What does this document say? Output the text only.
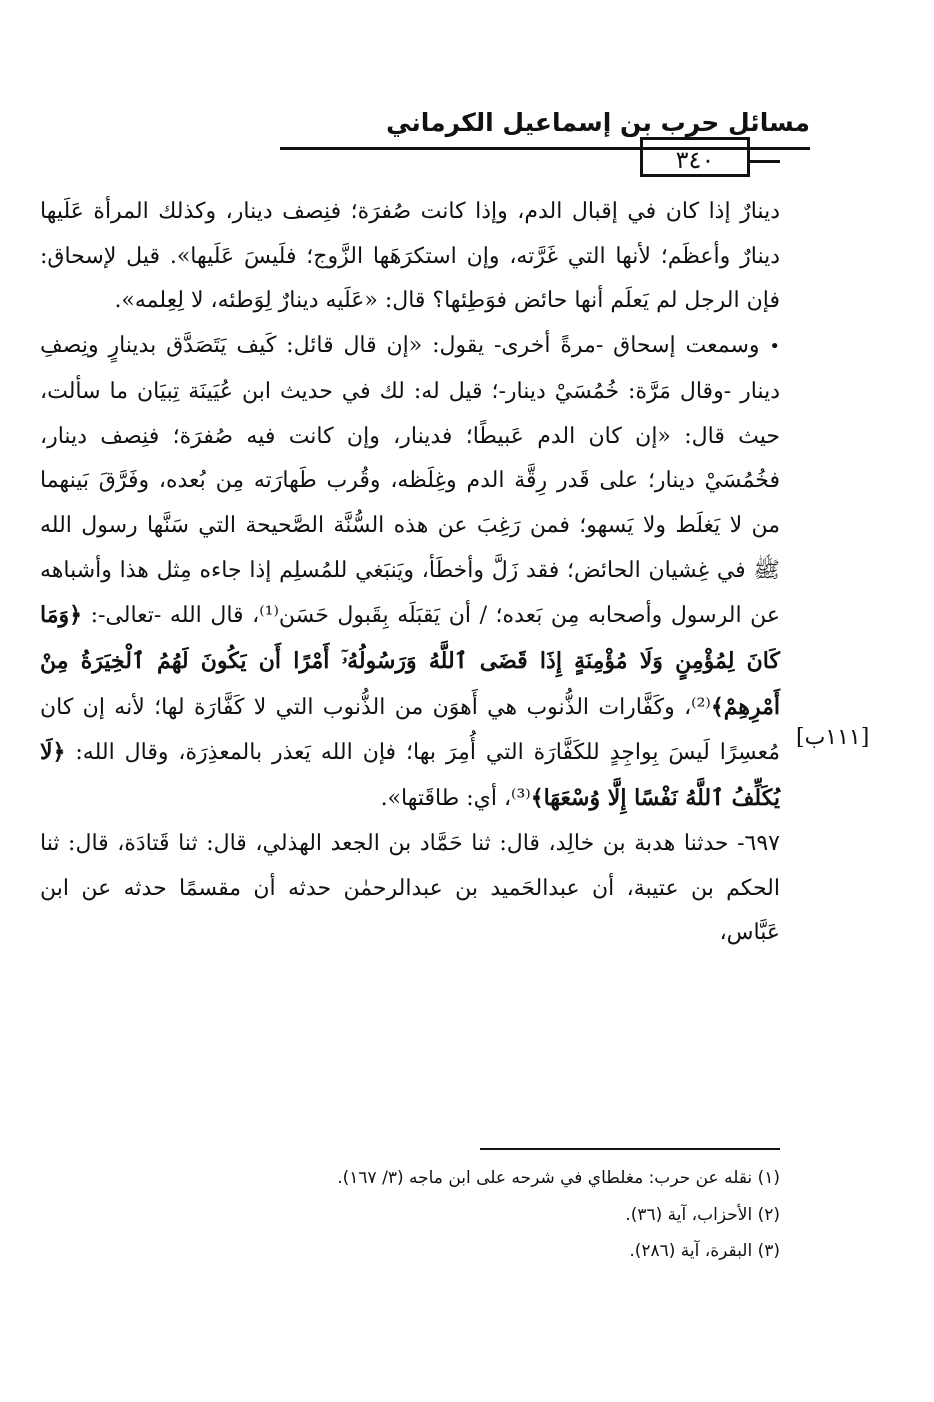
مسائل حرب بن إسماعيل الكرماني
٣٤٠

دينارٌ إذا كان في إقبال الدم، وإذا كانت صُفرَة؛ فنِصف دينار، وكذلك المرأة عَلَيها دينارٌ وأعظَم؛ لأنها التي غَرَّته، وإن استكرَهَها الزَّوج؛ فلَيسَ عَلَيها». قيل لإسحاق: فإن الرجل لم يَعلَم أنها حائض فوَطِئها؟ قال: «عَلَيه دينارٌ لِوَطئه، لا لِعِلمه».

• وسمعت إسحاق -مرةً أخرى- يقول: «إن قال قائل: كَيف يَتَصَدَّق بدينارٍ ونِصفِ دينار -وقال مَرَّة: خُمُسَيْ دينار-؛ قيل له: لك في حديث ابن عُيَينَة تِبيَان ما سألت، حيث قال: «إن كان الدم عَبيطًا؛ فدينار، وإن كانت فيه صُفرَة؛ فنِصف دينار، فخُمُسَيْ دينار؛ على قَدر رِقَّة الدم وغِلَظه، وقُرب طَهارَته مِن بُعده، وفَرَّقَ بَينهما من لا يَغلَط ولا يَسهو؛ فمن رَغِبَ عن هذه السُّنَّة الصَّحيحة التي سَنَّها رسول الله ﷺ في غِشيان الحائض؛ فقد زَلَّ وأخطَأ، ويَنبَغي للمُسلِم إذا جاءه مِثل هذا وأشباهه عن الرسول وأصحابه مِن بَعده؛ / أن يَقبَلَه بِقَبول حَسَن⁽¹⁾، قال الله -تعالى-: ﴿وَمَا كَانَ لِمُؤْمِنٍ وَلَا مُؤْمِنَةٍ إِذَا قَضَى ٱللَّهُ وَرَسُولُهُۥٓ أَمْرًا أَن يَكُونَ لَهُمُ ٱلْخِيَرَةُ مِنْ أَمْرِهِمْ﴾⁽²⁾، وكَفَّارات الذُّنوب هي أَهوَن من الذُّنوب التي لا كَفَّارَة لها؛ لأنه إن كان مُعسِرًا لَيسَ بِواجِدٍ للكَفَّارَة التي أُمِرَ بها؛ فإن الله يَعذر بالمعذِرَة، وقال الله: ﴿لَا يُكَلِّفُ ٱللَّهُ نَفْسًا إِلَّا وُسْعَهَا﴾⁽³⁾، أي: طاقَتها».

٦٩٧- حدثنا هدبة بن خالِد، قال: ثنا حَمَّاد بن الجعد الهذلي، قال: ثنا قَتادَة، قال: ثنا الحكم بن عتيبة، أن عبدالحَميد بن عبدالرحمٰن حدثه أن مقسمًا حدثه عن ابن عَبَّاس،

[١١١ب]

(١) نقله عن حرب: مغلطاي في شرحه على ابن ماجه (٣/ ١٦٧).

(٢) الأحزاب، آية (٣٦).

(٣) البقرة، آية (٢٨٦).
